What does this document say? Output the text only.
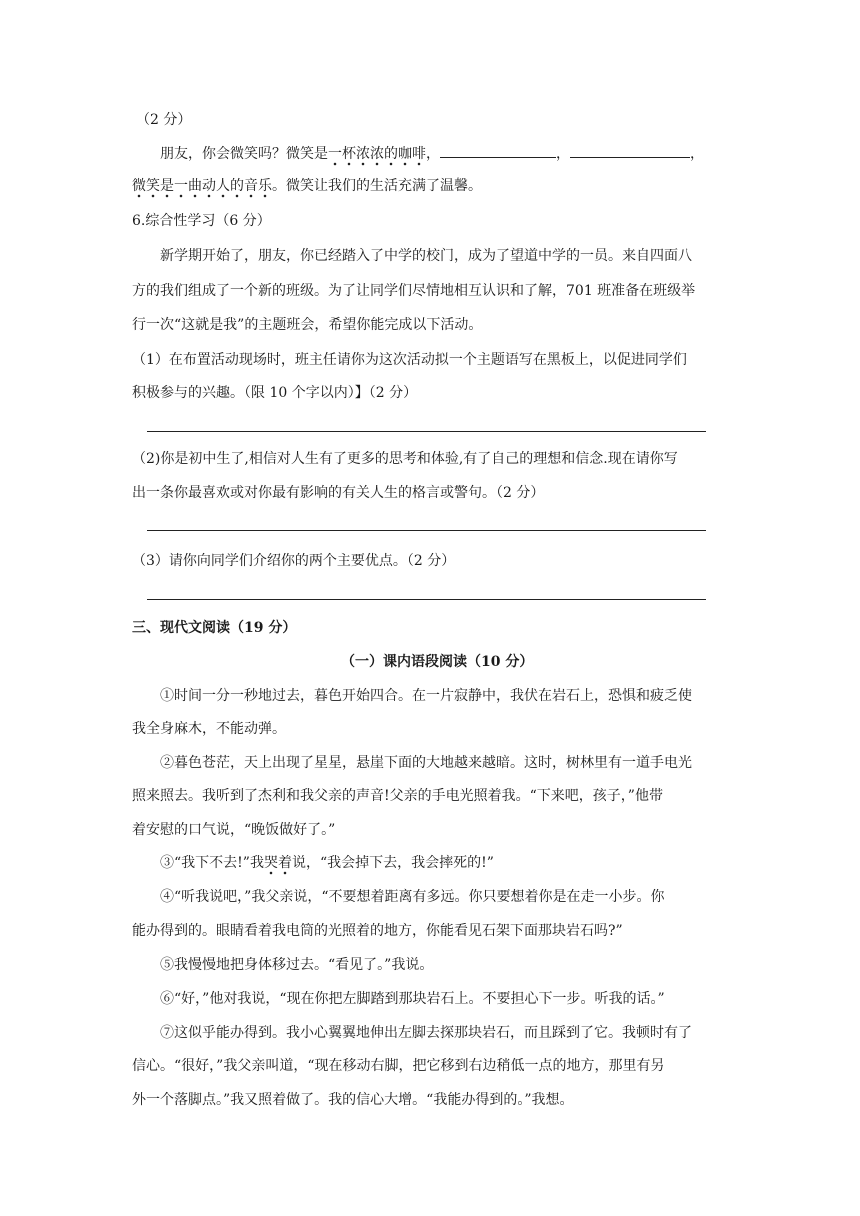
（2 分）
朋友，你会微笑吗？微笑是一杯浓浓的咖啡，	，	，
微笑是一曲动人的音乐。微笑让我们的生活充满了温馨。
6.综合性学习（6 分）
新学期开始了，朋友，你已经踏入了中学的校门，成为了望道中学的一员。来自四面八
方的我们组成了一个新的班级。为了让同学们尽情地相互认识和了解，701 班准备在班级举
行一次“这就是我”的主题班会，希望你能完成以下活动。
（1）在布置活动现场时，班主任请你为这次活动拟一个主题语写在黑板上，以促进同学们
积极参与的兴趣。（限 10 个字以内）】（2 分）
（2)你是初中生了,相信对人生有了更多的思考和体验,有了自己的理想和信念.现在请你写
出一条你最喜欢或对你最有影响的有关人生的格言或警句。（2 分）
（3）请你向同学们介绍你的两个主要优点。（2 分）
三、现代文阅读（19 分）
（一）课内语段阅读（10 分）
①时间一分一秒地过去，暮色开始四合。在一片寂静中，我伏在岩石上，恐惧和疲乏使
我全身麻木，不能动弹。
②暮色苍茫，天上出现了星星，悬崖下面的大地越来越暗。这时，树林里有一道手电光
照来照去。我听到了杰利和我父亲的声音!父亲的手电光照着我。“下来吧，孩子，”他带
着安慰的口气说，“晚饭做好了。”
③“我下不去!”我哭着说，“我会掉下去，我会摔死的!”
④“听我说吧，”我父亲说，“不要想着距离有多远。你只要想着你是在走一小步。你
能办得到的。眼睛看着我电筒的光照着的地方，你能看见石架下面那块岩石吗?”
⑤我慢慢地把身体移过去。“看见了。”我说。
⑥“好，”他对我说，“现在你把左脚踏到那块岩石上。不要担心下一步。听我的话。”
⑦这似乎能办得到。我小心翼翼地伸出左脚去探那块岩石，而且踩到了它。我顿时有了
信心。“很好，”我父亲叫道，“现在移动右脚，把它移到右边稍低一点的地方，那里有另
外一个落脚点。”我又照着做了。我的信心大增。“我能办得到的。”我想。
